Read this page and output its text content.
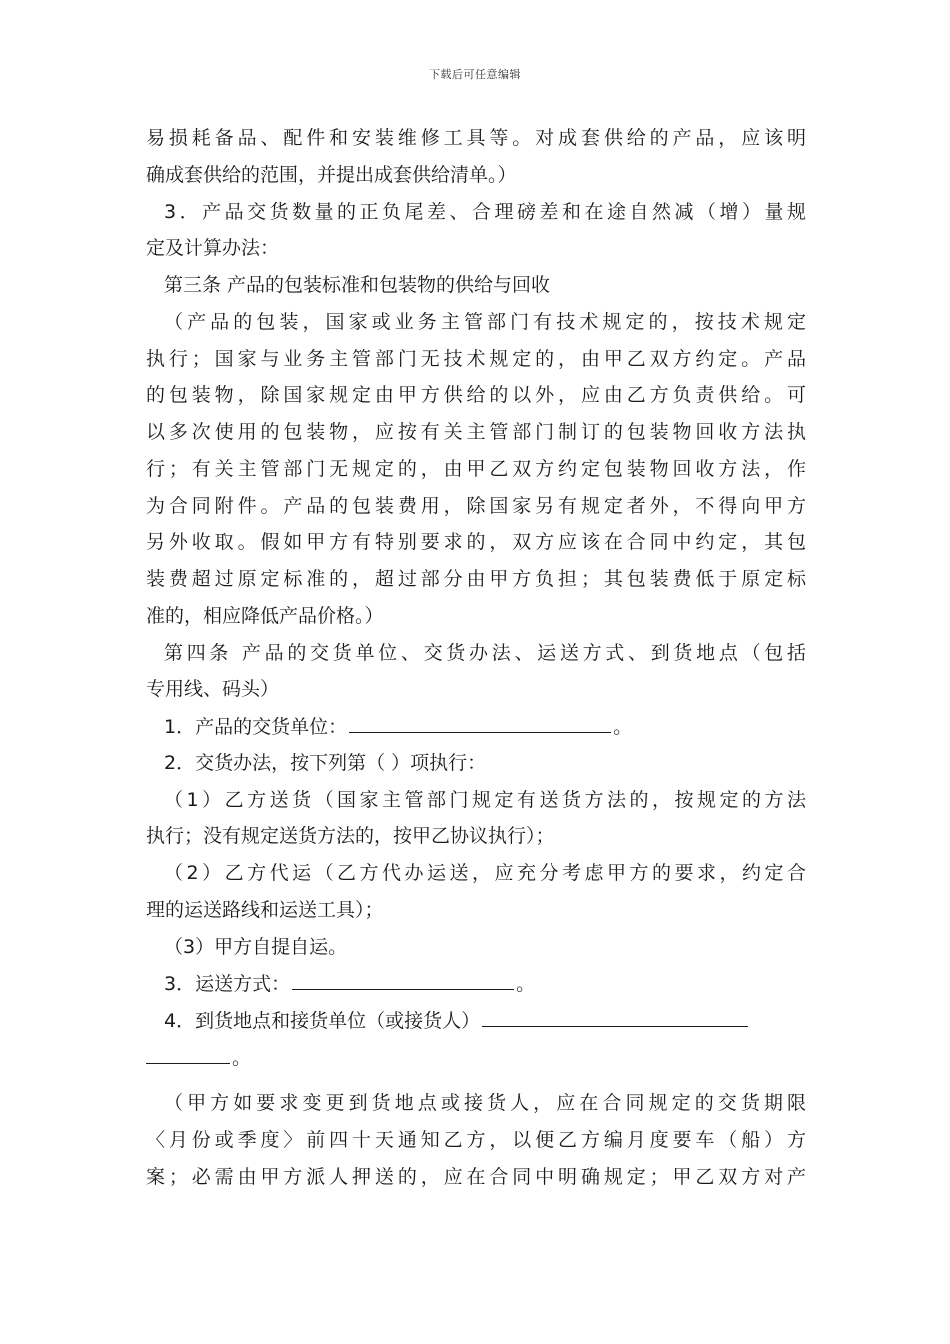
下载后可任意编辑
易损耗备品、配件和安装维修工具等。对成套供给的产品，应该明
确成套供给的范围，并提出成套供给清单。）
3．产品交货数量的正负尾差、合理磅差和在途自然减（增）量规
定及计算办法：
第三条 产品的包装标准和包装物的供给与回收
（产品的包装，国家或业务主管部门有技术规定的，按技术规定
执行；国家与业务主管部门无技术规定的，由甲乙双方约定。产品
的包装物，除国家规定由甲方供给的以外，应由乙方负责供给。可
以多次使用的包装物，应按有关主管部门制订的包装物回收方法执
行；有关主管部门无规定的，由甲乙双方约定包装物回收方法，作
为合同附件。产品的包装费用，除国家另有规定者外，不得向甲方
另外收取。假如甲方有特别要求的，双方应该在合同中约定，其包
装费超过原定标准的，超过部分由甲方负担；其包装费低于原定标
准的，相应降低产品价格。）
第四条 产品的交货单位、交货办法、运送方式、到货地点（包括
专用线、码头）
1．产品的交货单位：	。
2．交货办法，按下列第（ ）项执行：
（1）乙方送货（国家主管部门规定有送货方法的，按规定的方法
执行；没有规定送货方法的，按甲乙协议执行）；
（2）乙方代运（乙方代办运送，应充分考虑甲方的要求，约定合
理的运送路线和运送工具）；
（3）甲方自提自运。
3．运送方式：	。
4．到货地点和接货单位（或接货人）
。
（甲方如要求变更到货地点或接货人，应在合同规定的交货期限
〈月份或季度〉前四十天通知乙方，以便乙方编月度要车（船）方
案；必需由甲方派人押送的，应在合同中明确规定；甲乙双方对产
